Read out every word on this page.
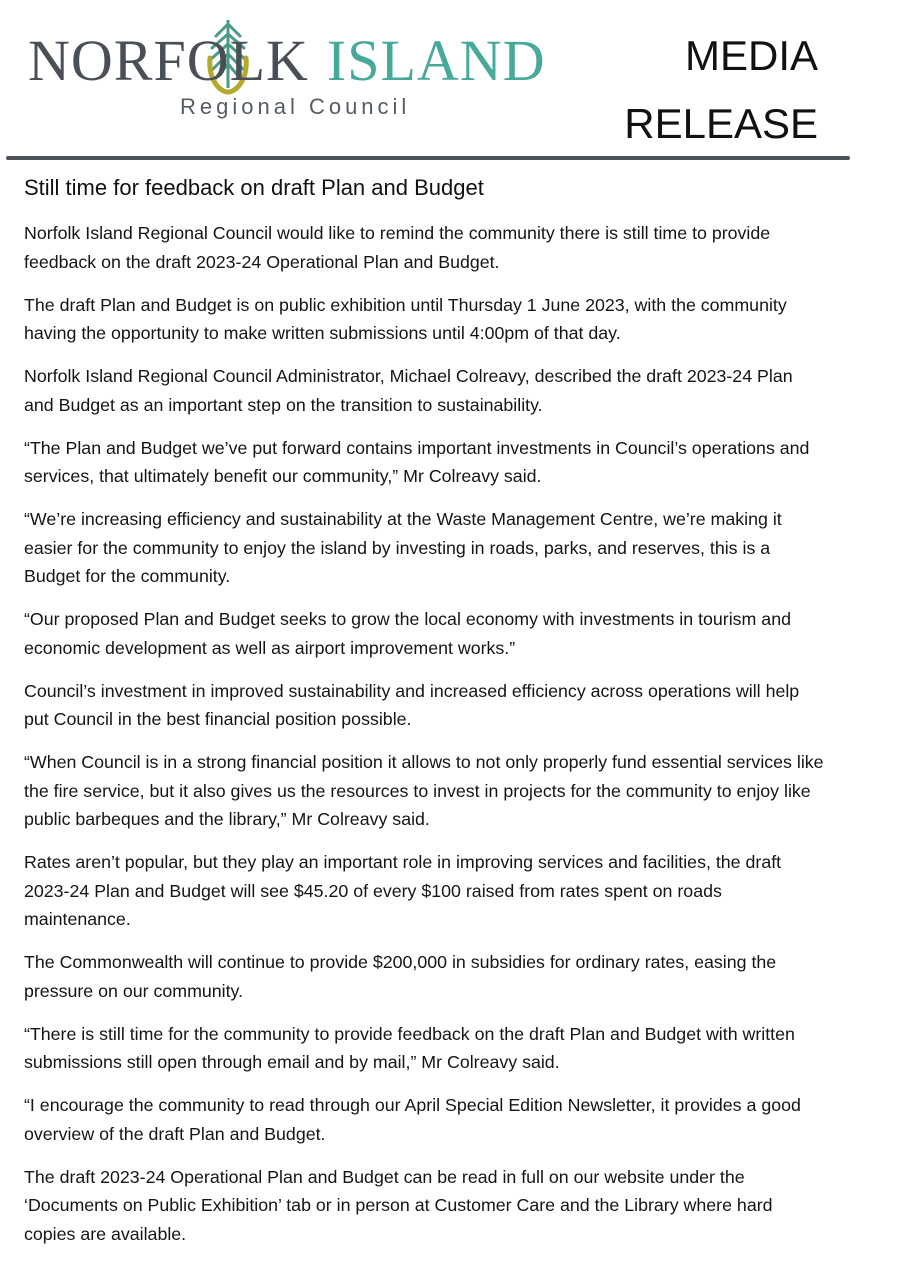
NORFOLK ISLAND
Regional Council
MEDIA
RELEASE
Still time for feedback on draft Plan and Budget

Norfolk Island Regional Council would like to remind the community there is still time to provide feedback on the draft 2023-24 Operational Plan and Budget.

The draft Plan and Budget is on public exhibition until Thursday 1 June 2023, with the community having the opportunity to make written submissions until 4:00pm of that day.

Norfolk Island Regional Council Administrator, Michael Colreavy, described the draft 2023-24 Plan and Budget as an important step on the transition to sustainability.

“The Plan and Budget we’ve put forward contains important investments in Council’s operations and services, that ultimately benefit our community,” Mr Colreavy said.

“We’re increasing efficiency and sustainability at the Waste Management Centre, we’re making it easier for the community to enjoy the island by investing in roads, parks, and reserves, this is a Budget for the community.

“Our proposed Plan and Budget seeks to grow the local economy with investments in tourism and economic development as well as airport improvement works.”

Council’s investment in improved sustainability and increased efficiency across operations will help put Council in the best financial position possible.

“When Council is in a strong financial position it allows to not only properly fund essential services like the fire service, but it also gives us the resources to invest in projects for the community to enjoy like public barbeques and the library,” Mr Colreavy said.

Rates aren’t popular, but they play an important role in improving services and facilities, the draft 2023-24 Plan and Budget will see $45.20 of every $100 raised from rates spent on roads maintenance.

The Commonwealth will continue to provide $200,000 in subsidies for ordinary rates, easing the pressure on our community.

“There is still time for the community to provide feedback on the draft Plan and Budget with written submissions still open through email and by mail,” Mr Colreavy said.

“I encourage the community to read through our April Special Edition Newsletter, it provides a good overview of the draft Plan and Budget.

The draft 2023-24 Operational Plan and Budget can be read in full on our website under the ‘Documents on Public Exhibition’ tab or in person at Customer Care and the Library where hard copies are available.
